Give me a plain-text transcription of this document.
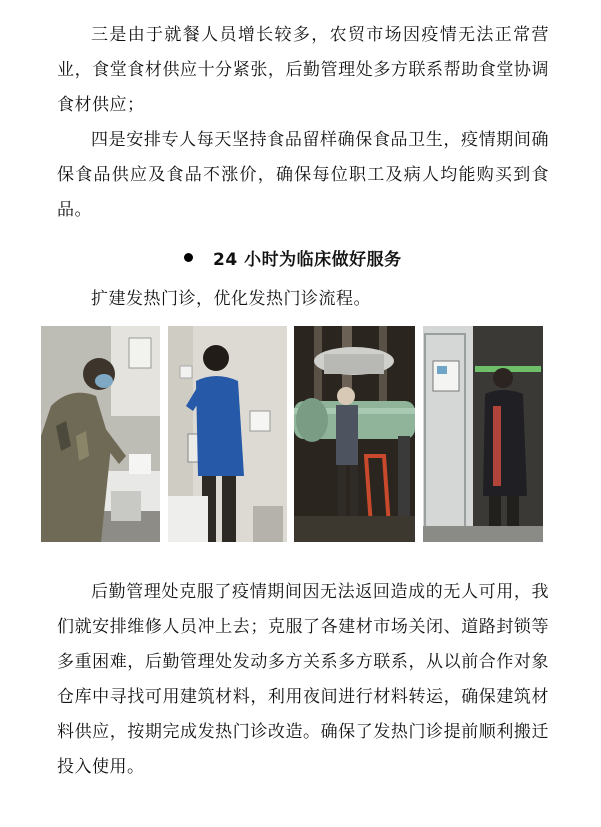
三是由于就餐人员增长较多，农贸市场因疫情无法正常营业，食堂食材供应十分紧张，后勤管理处多方联系帮助食堂协调食材供应；

四是安排专人每天坚持食品留样确保食品卫生，疫情期间确保食品供应及食品不涨价，确保每位职工及病人均能购买到食品。

24 小时为临床做好服务
扩建发热门诊，优化发热门诊流程。

后勤管理处克服了疫情期间因无法返回造成的无人可用，我们就安排维修人员冲上去；克服了各建材市场关闭、道路封锁等多重困难，后勤管理处发动多方关系多方联系，从以前合作对象仓库中寻找可用建筑材料，利用夜间进行材料转运，确保建筑材料供应，按期完成发热门诊改造。确保了发热门诊提前顺利搬迁投入使用。
